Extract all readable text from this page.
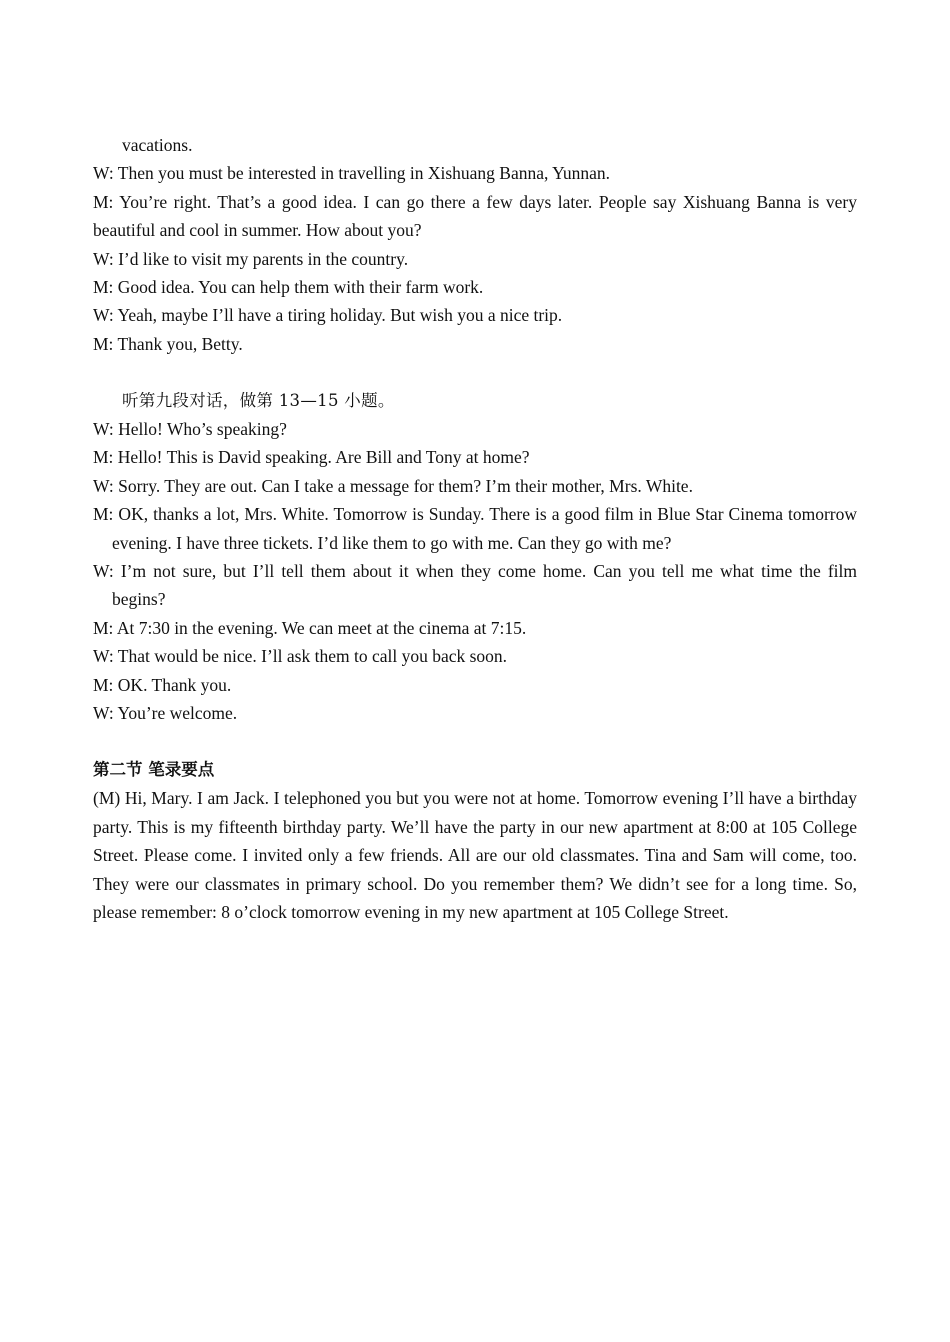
vacations.

W: Then you must be interested in travelling in Xishuang Banna, Yunnan.

M: You’re right. That’s a good idea. I can go there a few days later. People say Xishuang Banna is very beautiful and cool in summer. How about you?

W: I’d like to visit my parents in the country.

M: Good idea. You can help them with their farm work.

W: Yeah, maybe I’ll have a tiring holiday. But wish you a nice trip.

M: Thank you, Betty.

听第九段对话，做第 13—15 小题。

W: Hello! Who’s speaking?

M: Hello! This is David speaking. Are Bill and Tony at home?

W: Sorry. They are out. Can I take a message for them? I’m their mother, Mrs. White.

M: OK, thanks a lot, Mrs. White. Tomorrow is Sunday. There is a good film in Blue Star Cinema tomorrow evening. I have three tickets. I’d like them to go with me. Can they go with me?

W: I’m not sure, but I’ll tell them about it when they come home. Can you tell me what time the film begins?

M: At 7:30 in the evening. We can meet at the cinema at 7:15.

W: That would be nice. I’ll ask them to call you back soon.

M: OK. Thank you.

W: You’re welcome.

第二节 笔录要点

(M) Hi, Mary. I am Jack. I telephoned you but you were not at home. Tomorrow evening I’ll have a birthday party. This is my fifteenth birthday party. We’ll have the party in our new apartment at 8:00 at 105 College Street. Please come. I invited only a few friends. All are our old classmates. Tina and Sam will come, too. They were our classmates in primary school. Do you remember them? We didn’t see for a long time. So, please remember: 8 o’clock tomorrow evening in my new apartment at 105 College Street.
